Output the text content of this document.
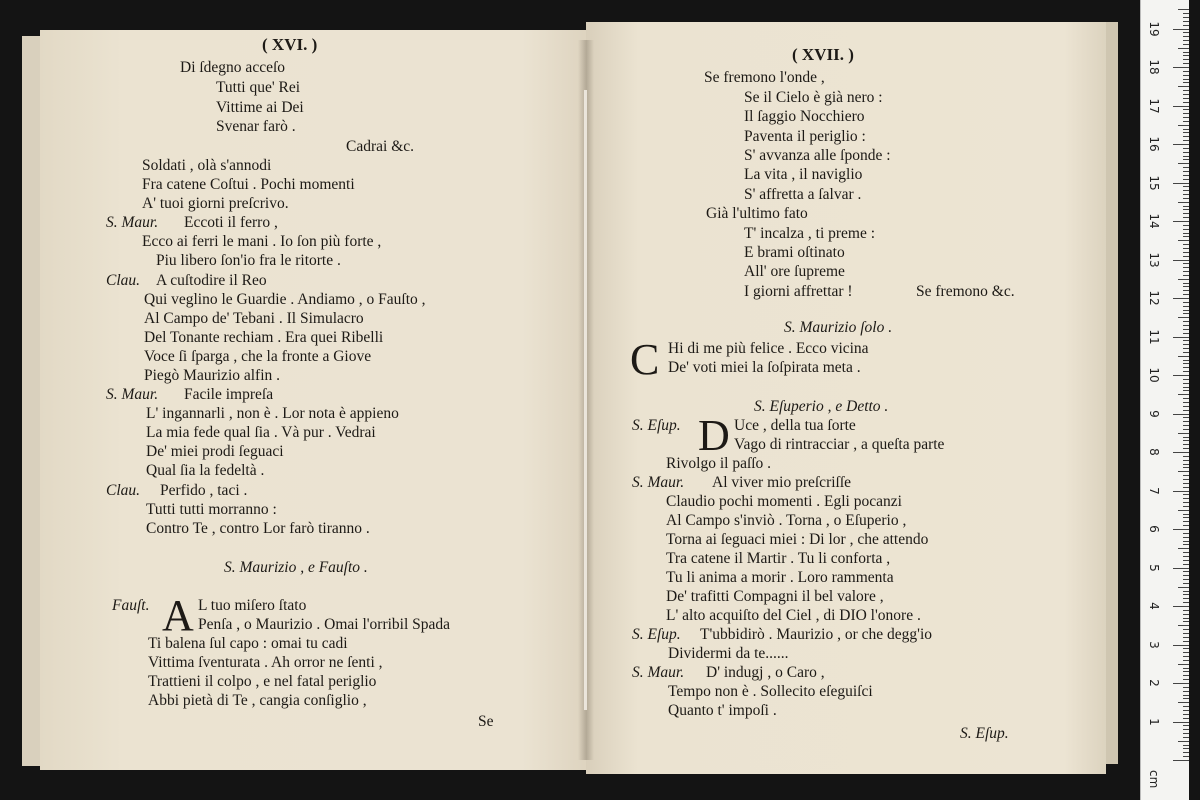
( XVI. )
Di ſdegno acceſo
Tutti que' Rei
Vittime ai Dei
Svenar farò .
Cadrai &c.
Soldati , olà s'annodi
Fra catene Coſtui . Pochi momenti
A' tuoi giorni preſcrivo.
S. Maur. Eccoti il ferro ,
Ecco ai ferri le mani . Io ſon più forte ,
Piu libero ſon'io fra le ritorte .
Clau. A cuſtodire il Reo
Qui veglino le Guardie . Andiamo , o Fauſto ,
Al Campo de' Tebani . Il Simulacro
Del Tonante rechiam . Era quei Ribelli
Voce ſi ſparga , che la fronte a Giove
Piegò Maurizio alfin .
S. Maur. Facile impreſa
L' ingannarli , non è . Lor nota è appieno
La mia fede qual ſia . Và pur . Vedrai
De' miei prodi ſeguaci
Qual ſia la fedeltà .
Clau. Perfido , taci .
Tutti tutti morranno :
Contro Te , contro Lor farò tiranno .
S. Maurizio , e Fauſto .
Fauſt. A L tuo miſero ſtato
Penſa , o Maurizio . Omai l'orribil Spada
Ti balena ſul capo : omai tu cadi
Vittima ſventurata . Ah orror ne ſenti ,
Trattieni il colpo , e nel fatal periglio
Abbi pietà di Te , cangia conſiglio ,
Se
( XVII. )
Se fremono l'onde ,
Se il Cielo è già nero :
Il ſaggio Nocchiero
Paventa il periglio :
S' avvanza alle ſponde :
La vita , il naviglio
S' affretta a ſalvar .
Già l'ultimo fato
T' incalza , ti preme :
E brami oſtinato
All' ore ſupreme
I giorni affrettar !	Se fremono &c.
S. Maurizio ſolo .
C Hi di me più felice . Ecco vicina
De' voti miei la ſoſpirata meta .
S. Eſuperio , e Detto .
S. Eſup. D Uce , della tua ſorte
Vago di rintracciar , a queſta parte
Rivolgo il paſſo .
S. Maur. Al viver mio preſcriſſe
Claudio pochi momenti . Egli pocanzi
Al Campo s'inviò . Torna , o Eſuperio ,
Torna ai ſeguaci miei : Di lor , che attendo
Tra catene il Martir . Tu li conforta ,
Tu li anima a morir . Loro rammenta
De' trafitti Compagni il bel valore ,
L' alto acquiſto del Ciel , di DIO l'onore .
S. Eſup. T'ubbidirò . Maurizio , or che degg'io
Dividermi da te......
S. Maur. D' indugj , o Caro ,
Tempo non è . Sollecito eſeguiſci
Quanto t' impoſi .
S. Eſup.
19
18
17
16
15
14
13
12
11
10
9
8
7
6
5
4
3
2
1
cm
